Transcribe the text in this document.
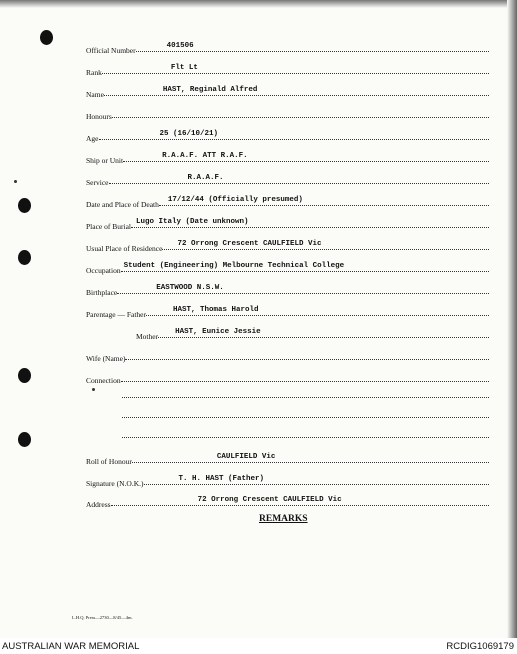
Official Number	401506
Rank	Flt Lt
Name	HAST, Reginald Alfred
Honours
Age	25 (16/10/21)
Ship or Unit	R.A.A.F. ATT R.A.F.
Service	R.A.A.F.
Date and Place of Death 17/12/44 (Officially presumed)
Place of Burial Lugo Italy (Date unknown)
Usual Place of Residence 72 Orrong Crescent CAULFIELD Vic
Occupation Student (Engineering) Melbourne Technical College
Birthplace	EASTWOOD N.S.W.
Parentage — Father	HAST, Thomas Harold
Mother HAST, Eunice Jessie
Wife (Name)
Connection
Roll of Honour	CAULFIELD Vic
Signature (N.O.K.)	T. H. HAST (Father)
Address	72 Orrong Crescent CAULFIELD Vic
REMARKS
L.H.Q. Press—2730—8/45—4m.
AUSTRALIAN WAR MEMORIAL	RCDIG1069179
